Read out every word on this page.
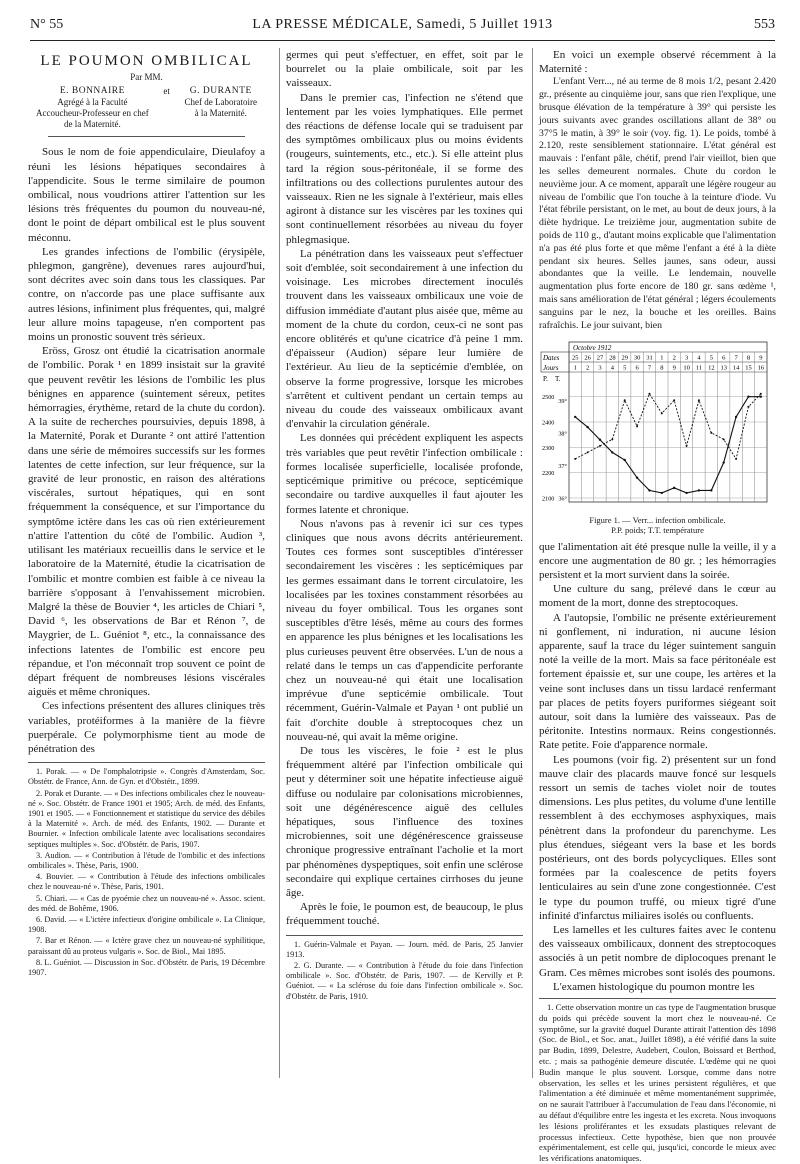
N° 55	LA PRESSE MÉDICALE, Samedi, 5 Juillet 1913	553
LE POUMON OMBILICAL
Par MM.
E. BONNAIRE
Agrégé à la Faculté
Accoucheur-Professeur en chef
de la Maternité.
et	G. DURANTE
Chef de Laboratoire
à la Maternité.

Sous le nom de foie appendiculaire, Dieulafoy a réuni les lésions hépatiques secondaires à l'appendicite. Sous le terme similaire de poumon ombilical, nous voudrions attirer l'attention sur les lésions très fréquentes du poumon du nouveau-né, dont le point de départ ombilical est le plus souvent méconnu.

Les grandes infections de l'ombilic (érysipèle, phlegmon, gangrène), devenues rares aujourd'hui, sont décrites avec soin dans tous les classiques. Par contre, on n'accorde pas une place suffisante aux autres lésions, infiniment plus fréquentes, qui, malgré leur allure moins tapageuse, n'en comportent pas moins un pronostic souvent très sérieux.

Eröss, Grosz ont étudié la cicatrisation anormale de l'ombilic. Porak ¹ en 1899 insistait sur la gravité que peuvent revêtir les lésions de l'ombilic les plus bénignes en apparence (suintement séreux, petites hémorragies, érythème, retard de la chute du cordon). A la suite de recherches poursuivies, depuis 1898, à la Maternité, Porak et Durante ² ont attiré l'attention dans une série de mémoires successifs sur les formes latentes de cette infection, sur leur fréquence, sur la gravité de leur pronostic, en raison des altérations viscérales, surtout hépatiques, qui en sont fréquemment la conséquence, et sur l'importance du symptôme ictère dans les cas où rien extérieurement n'attire l'attention du côté de l'ombilic. Audion ³, utilisant les matériaux recueillis dans le service et le laboratoire de la Maternité, étudie la cicatrisation de l'ombilic et montre combien est faible à ce niveau la barrière s'opposant à l'envahissement microbien. Malgré la thèse de Bouvier ⁴, les articles de Chiari ⁵, David ⁶, les observations de Bar et Rénon ⁷, de Maygrier, de L. Guéniot ⁸, etc., la connaissance des infections latentes de l'ombilic est encore peu répandue, et l'on méconnaît trop souvent ce point de départ fréquent de nombreuses lésions viscérales aiguës et même chroniques.

Ces infections présentent des allures cliniques très variables, protéiformes à la manière de la fièvre puerpérale. Ce polymorphisme tient au mode de pénétration des

1. Porak. — « De l'omphalotripsie ». Congrès d'Amsterdam, Soc. Obstétr. de France, Ann. de Gyn. et d'Obstétr., 1899.
2. Porak et Durante. — « Des infections ombilicales chez le nouveau-né ». Soc. Obstétr. de France 1901 et 1905; Arch. de méd. des Enfants, 1901 et 1905. — « Fonctionnement et statistique du service des débiles à la Maternité ». Arch. de méd. des Enfants, 1902. — Durante et Bournier. « Infection ombilicale latente avec localisations secondaires septiques multiples ». Soc. d'Obstétr. de Paris, 1907.
3. Audion. — « Contribution à l'étude de l'ombilic et des infections ombilicales ». Thèse, Paris, 1900.
4. Bouvier. — « Contribution à l'étude des infections ombilicales chez le nouveau-né ». Thèse, Paris, 1901.
5. Chiari. — « Cas de pyoémie chez un nouveau-né ». Assoc. scient. des méd. de Bohême, 1906.
6. David. — « L'ictère infectieux d'origine ombilicale ». La Clinique, 1908.
7. Bar et Rénon. — « Ictère grave chez un nouveau-né syphilitique, paraissant dû au proteus vulgaris ». Soc. de Biol., Mai 1895.
8. L. Guéniot. — Discussion in Soc. d'Obstétr. de Paris, 19 Décembre 1907.

germes qui peut s'effectuer, en effet, soit par le bourrelet ou la plaie ombilicale, soit par les vaisseaux.

Dans le premier cas, l'infection ne s'étend que lentement par les voies lymphatiques. Elle permet des réactions de défense locale qui se traduisent par des symptômes ombilicaux plus ou moins évidents (rougeurs, suintements, etc., etc.). Si elle atteint plus tard la région sous-péritonéale, il se forme des infiltrations ou des collections purulentes autour des vaisseaux. Rien ne les signale à l'extérieur, mais elles agiront à distance sur les viscères par les toxines qui sont continuellement résorbées au niveau du foyer phlegmasique.

La pénétration dans les vaisseaux peut s'effectuer soit d'emblée, soit secondairement à une infection du voisinage. Les microbes directement inoculés trouvent dans les vaisseaux ombilicaux une voie de diffusion immédiate d'autant plus aisée que, même au moment de la chute du cordon, ceux-ci ne sont pas encore oblitérés et qu'une cicatrice d'à peine 1 mm. d'épaisseur (Audion) sépare leur lumière de l'extérieur. Au lieu de la septicémie d'emblée, on observe la forme progressive, lorsque les microbes s'arrêtent et cultivent pendant un certain temps au niveau du coude des vaisseaux ombilicaux avant d'envahir la circulation générale.

Les données qui précèdent expliquent les aspects très variables que peut revêtir l'infection ombilicale : formes localisée superficielle, localisée profonde, septicémique primitive ou précoce, septicémique secondaire ou tardive auxquelles il faut ajouter les formes latente et chronique.

Nous n'avons pas à revenir ici sur ces types cliniques que nous avons décrits antérieurement. Toutes ces formes sont susceptibles d'intéresser secondairement les viscères : les septicémiques par les germes essaimant dans le torrent circulatoire, les localisées par les toxines constamment résorbées au niveau du foyer ombilical. Tous les organes sont susceptibles d'être lésés, même au cours des formes en apparence les plus bénignes et les localisations les plus curieuses peuvent être observées. L'un de nous a relaté dans le temps un cas d'appendicite perforante chez un nouveau-né qui était une localisation imprévue d'une septicémie ombilicale. Tout récemment, Guérin-Valmale et Payan ¹ ont publié un fait d'orchite double à streptocoques chez un nouveau-né, qui avait la même origine.

De tous les viscères, le foie ² est le plus fréquemment altéré par l'infection ombilicale qui peut y déterminer soit une hépatite infectieuse aiguë diffuse ou nodulaire par colonisations microbiennes, soit une dégénérescence aiguë des cellules hépatiques, sous l'influence des toxines microbiennes, soit une dégénérescence graisseuse chronique progressive entraînant l'acholie et la mort par phénomènes dyspeptiques, soit enfin une sclérose secondaire qui explique certaines cirrhoses du jeune âge.

Après le foie, le poumon est, de beaucoup, le plus fréquemment touché.

1. Guérin-Valmale et Payan. — Journ. méd. de Paris, 25 Janvier 1913.
2. G. Durante. — « Contribution à l'étude du foie dans l'infection ombilicale ». Soc. d'Obstétr. de Paris, 1907. — de Kervilly et P. Guéniot. — « La sclérose du foie dans l'infection ombilicale ». Soc. d'Obstétr. de Paris, 1910.

En voici un exemple observé récemment à la Maternité :

L'enfant Verr..., né au terme de 8 mois 1/2, pesant 2.420 gr., présente au cinquième jour, sans que rien l'explique, une brusque élévation de la température à 39° qui persiste les jours suivants avec grandes oscillations allant de 38° ou 37°5 le matin, à 39° le soir (voy. fig. 1). Le poids, tombé à 2.120, reste sensiblement stationnaire. L'état général est mauvais : l'enfant pâle, chétif, prend l'air vieillot, bien que les selles demeurent normales. Chute du cordon le neuvième jour. A ce moment, apparaît une légère rougeur au niveau de l'ombilic que l'on touche à la teinture d'iode. Vu l'état fébrile persistant, on le met, au bout de deux jours, à la diète hydrique. Le treizième jour, augmentation subite de poids de 110 g., d'autant moins explicable que l'alimentation n'a pas été plus forte et que même l'enfant a été à la diète pendant six heures. Selles jaunes, sans odeur, aussi abondantes que la veille. Le lendemain, nouvelle augmentation plus forte encore de 180 gr. sans œdème ¹, mais sans amélioration de l'état général ; légers écoulements sanguins par le nez, la bouche et les oreilles. Bains rafraîchis. Le jour suivant, bien

Octobre 1912
Dates
Jours
P. T.
25 26 27 28 29 30 31 1 2 3 4 5 6 7 8 9
1 2 3 4 5 6 7 8 9 10 11 12 13 14 15 16
2500
2400
2300
2200
2100
39°
38°
37°
36°
Figure 1. — Verr... infection ombilicale.
P.P. poids; T.T. température

que l'alimentation ait été presque nulle la veille, il y a encore une augmentation de 80 gr. ; les hémorragies persistent et la mort survient dans la soirée.

Une culture du sang, prélevé dans le cœur au moment de la mort, donne des streptocoques.

A l'autopsie, l'ombilic ne présente extérieurement ni gonflement, ni induration, ni aucune lésion apparente, sauf la trace du léger suintement sanguin noté la veille de la mort. Mais sa face péritonéale est fortement épaissie et, sur une coupe, les artères et la veine sont incluses dans un tissu lardacé renfermant par places de petits foyers puriformes siégeant soit autour, soit dans la lumière des vaisseaux. Pas de péritonite. Intestins normaux. Reins congestionnés. Rate petite. Foie d'apparence normale.

Les poumons (voir fig. 2) présentent sur un fond mauve clair des placards mauve foncé sur lesquels ressort un semis de taches violet noir de toutes dimensions. Les plus petites, du volume d'une lentille ressemblent à des ecchymoses asphyxiques, mais pénètrent dans la profondeur du parenchyme. Les plus étendues, siégeant vers la base et les bords postérieurs, ont des bords polycycliques. Elles sont formées par la coalescence de petits foyers lenticulaires au sein d'une zone congestionnée. C'est le type du poumon truffé, ou mieux tigré d'une infinité d'infarctus miliaires isolés ou confluents.

Les lamelles et les cultures faites avec le contenu des vaisseaux ombilicaux, donnent des streptocoques associés à un petit nombre de diplocoques prenant le Gram. Ces mêmes microbes sont isolés des poumons.

L'examen histologique du poumon montre les

1. Cette observation montre un cas type de l'augmentation brusque du poids qui précède souvent la mort chez le nouveau-né. Ce symptôme, sur la gravité duquel Durante attirait l'attention dès 1898 (Soc. de Biol., et Soc. anat., Juillet 1898), a été vérifié dans la suite par Budin, 1899, Delestre, Audebert, Coulon, Boissard et Berthod, etc. ; mais sa pathogénie demeure discutée. L'œdème qui ne quoi Budin manque le plus souvent. Lorsque, comme dans notre observation, les selles et les urines persistent régulières, et que l'alimentation a été diminuée et même momentanément supprimée, on ne saurait l'attribuer à l'accumulation de l'eau dans l'économie, ni au défaut d'équilibre entre les ingesta et les excreta. Nous invoquons les lésions proliférantes et les exsudats plastiques relevant de processus infectieux. Cette hypothèse, bien que non prouvée expérimentalement, est celle qui, jusqu'ici, concorde le mieux avec les vérifications anatomiques.
